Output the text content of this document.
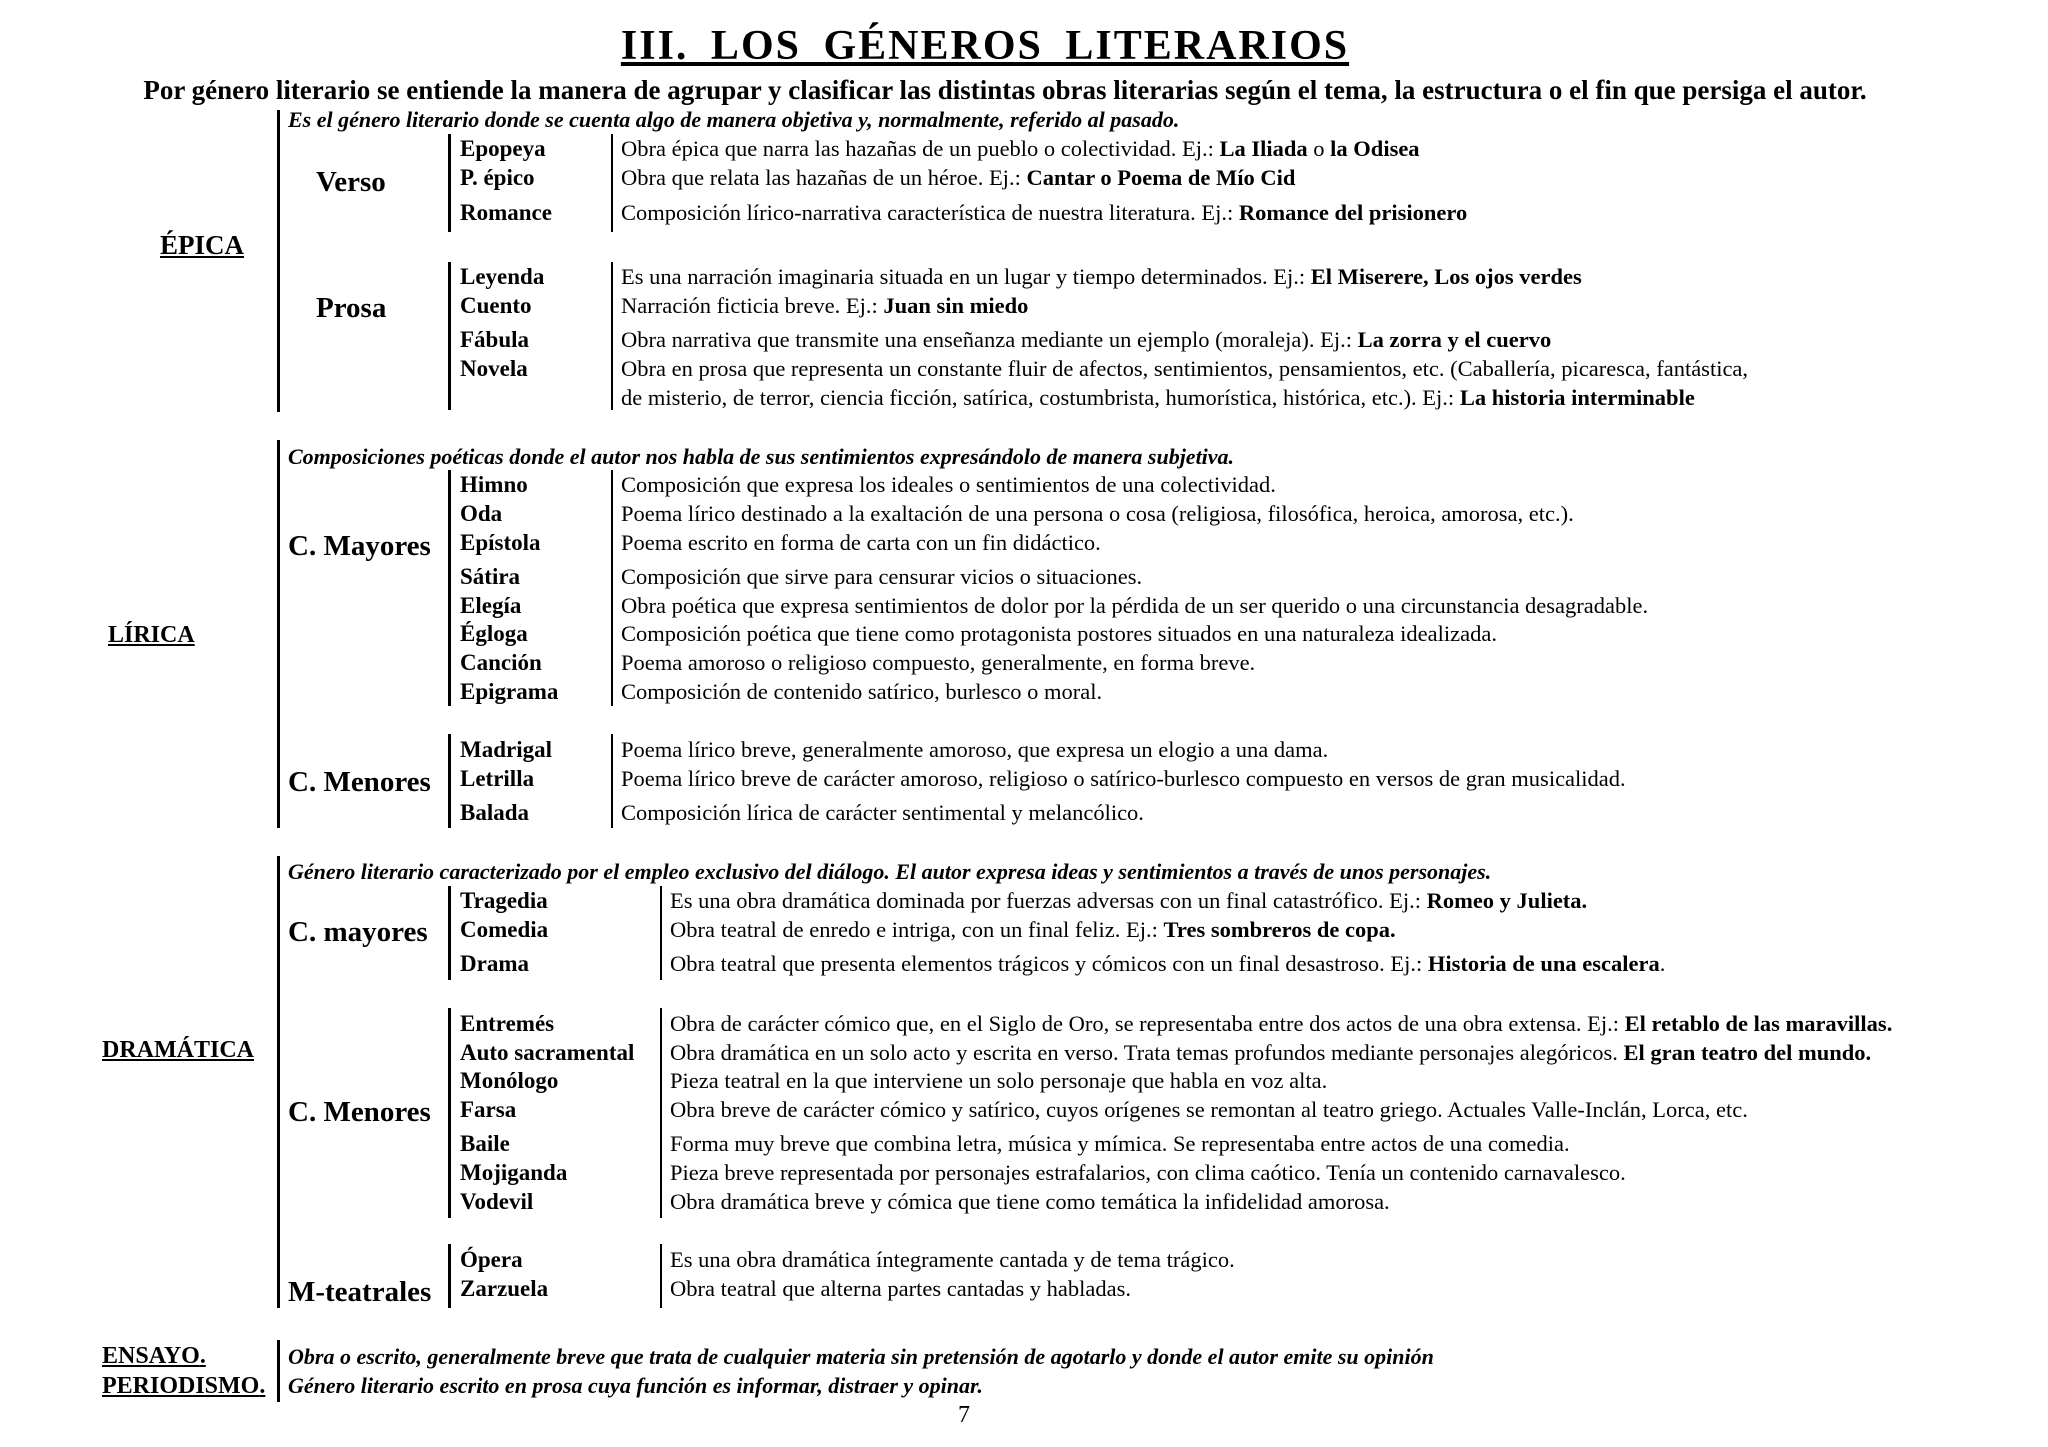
III. LOS GÉNEROS LITERARIOS
Por género literario se entiende la manera de agrupar y clasificar las distintas obras literarias según el tema, la estructura o el fin que persiga el autor.
ÉPICA
Es el género literario donde se cuenta algo de manera objetiva y, normalmente, referido al pasado.
Verso
Epopeya	Obra épica que narra las hazañas de un pueblo o colectividad. Ej.: La Iliada o la Odisea
P. épico	Obra que relata las hazañas de un héroe. Ej.: Cantar o Poema de Mío Cid
Romance	Composición lírico-narrativa característica de nuestra literatura. Ej.: Romance del prisionero
Prosa
Leyenda	Es una narración imaginaria situada en un lugar y tiempo determinados. Ej.: El Miserere, Los ojos verdes
Cuento	Narración ficticia breve. Ej.: Juan sin miedo
Fábula	Obra narrativa que transmite una enseñanza mediante un ejemplo (moraleja). Ej.: La zorra y el cuervo
Novela	Obra en prosa que representa un constante fluir de afectos, sentimientos, pensamientos, etc. (Caballería, picaresca, fantástica,
de misterio, de terror, ciencia ficción, satírica, costumbrista, humorística, histórica, etc.). Ej.: La historia interminable
LÍRICA
Composiciones poéticas donde el autor nos habla de sus sentimientos expresándolo de manera subjetiva.
C. Mayores
Himno	Composición que expresa los ideales o sentimientos de una colectividad.
Oda	Poema lírico destinado a la exaltación de una persona o cosa (religiosa, filosófica, heroica, amorosa, etc.).
Epístola	Poema escrito en forma de carta con un fin didáctico.
Sátira	Composición que sirve para censurar vicios o situaciones.
Elegía	Obra poética que expresa sentimientos de dolor por la pérdida de un ser querido o una circunstancia desagradable.
Égloga	Composición poética que tiene como protagonista postores situados en una naturaleza idealizada.
Canción	Poema amoroso o religioso compuesto, generalmente, en forma breve.
Epigrama	Composición de contenido satírico, burlesco o moral.
C. Menores
Madrigal	Poema lírico breve, generalmente amoroso, que expresa un elogio a una dama.
Letrilla	Poema lírico breve de carácter amoroso, religioso o satírico-burlesco compuesto en versos de gran musicalidad.
Balada	Composición lírica de carácter sentimental y melancólico.
DRAMÁTICA
Género literario caracterizado por el empleo exclusivo del diálogo. El autor expresa ideas y sentimientos a través de unos personajes.
C. mayores
Tragedia	Es una obra dramática dominada por fuerzas adversas con un final catastrófico. Ej.: Romeo y Julieta.
Comedia	Obra teatral de enredo e intriga, con un final feliz. Ej.: Tres sombreros de copa.
Drama	Obra teatral que presenta elementos trágicos y cómicos con un final desastroso. Ej.: Historia de una escalera.
C. Menores
Entremés	Obra de carácter cómico que, en el Siglo de Oro, se representaba entre dos actos de una obra extensa. Ej.: El retablo de las maravillas.
Auto sacramental Obra dramática en un solo acto y escrita en verso. Trata temas profundos mediante personajes alegóricos. El gran teatro del mundo.
Monólogo	Pieza teatral en la que interviene un solo personaje que habla en voz alta.
Farsa	Obra breve de carácter cómico y satírico, cuyos orígenes se remontan al teatro griego. Actuales Valle-Inclán, Lorca, etc.
Baile	Forma muy breve que combina letra, música y mímica. Se representaba entre actos de una comedia.
Mojiganda	Pieza breve representada por personajes estrafalarios, con clima caótico. Tenía un contenido carnavalesco.
Vodevil	Obra dramática breve y cómica que tiene como temática la infidelidad amorosa.
M-teatrales
Ópera	Es una obra dramática íntegramente cantada y de tema trágico.
Zarzuela	Obra teatral que alterna partes cantadas y habladas.
ENSAYO.	Obra o escrito, generalmente breve que trata de cualquier materia sin pretensión de agotarlo y donde el autor emite su opinión
PERIODISMO. Género literario escrito en prosa cuya función es informar, distraer y opinar.
7
